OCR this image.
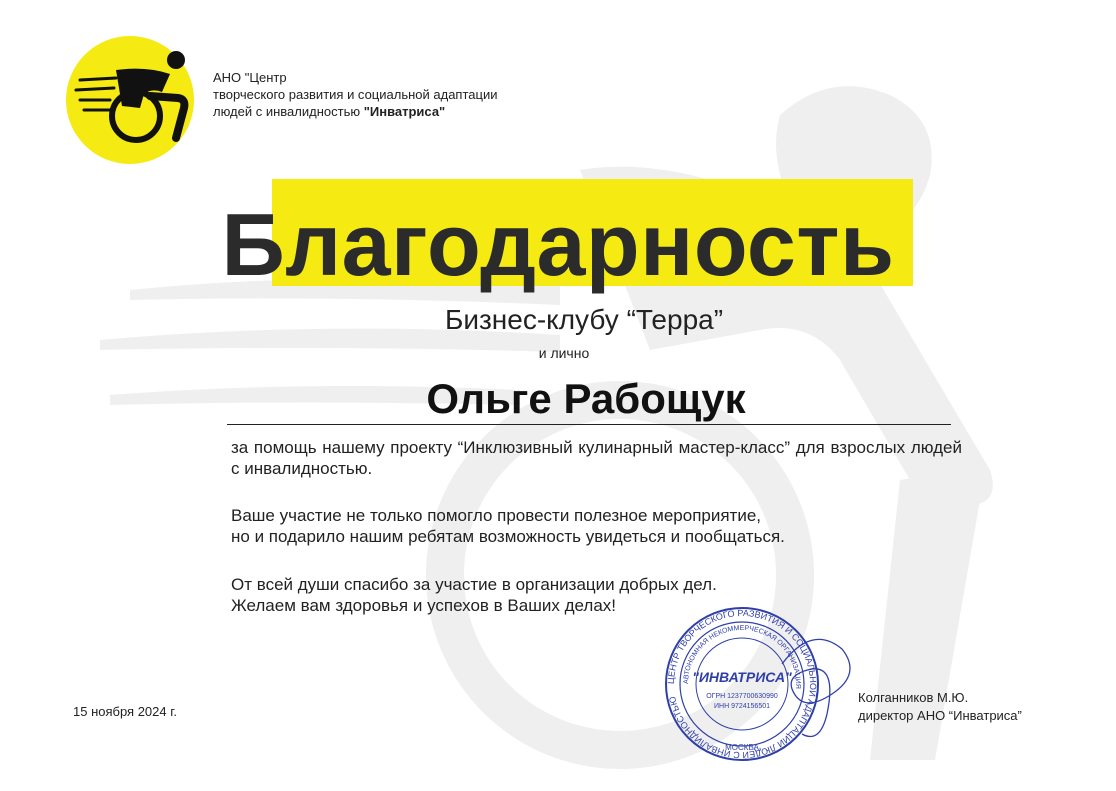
АНО "Центр
творческого развития и социальной адаптации
людей с инвалидностью "Инватриса"
Благодарность
Бизнес-клубу “Терра”
и лично
Ольге Рабощук
за помощь нашему проекту “Инклюзивный кулинарный мастер-класс” для взрослых людей с инвалидностью.
Ваше участие не только помогло провести полезное мероприятие,
но и подарило нашим ребятам возможность увидеться и пообщаться.
От всей души спасибо за участие в организации добрых дел.
Желаем вам здоровья и успехов в Ваших делах!
15 ноября 2024 г.
ЦЕНТР ТВОРЧЕСКОГО РАЗВИТИЯ И СОЦИАЛЬНОЙ АДАПТАЦИИ ЛЮДЕЙ С ИНВАЛИДНОСТЬЮ
АВТОНОМНАЯ НЕКОММЕРЧЕСКАЯ ОРГАНИЗАЦИЯ
"ИНВАТРИСА"
ОГРН 1237700630990
ИНН 9724156501
МОСКВА
Колганников М.Ю.
директор АНО “Инватриса”
